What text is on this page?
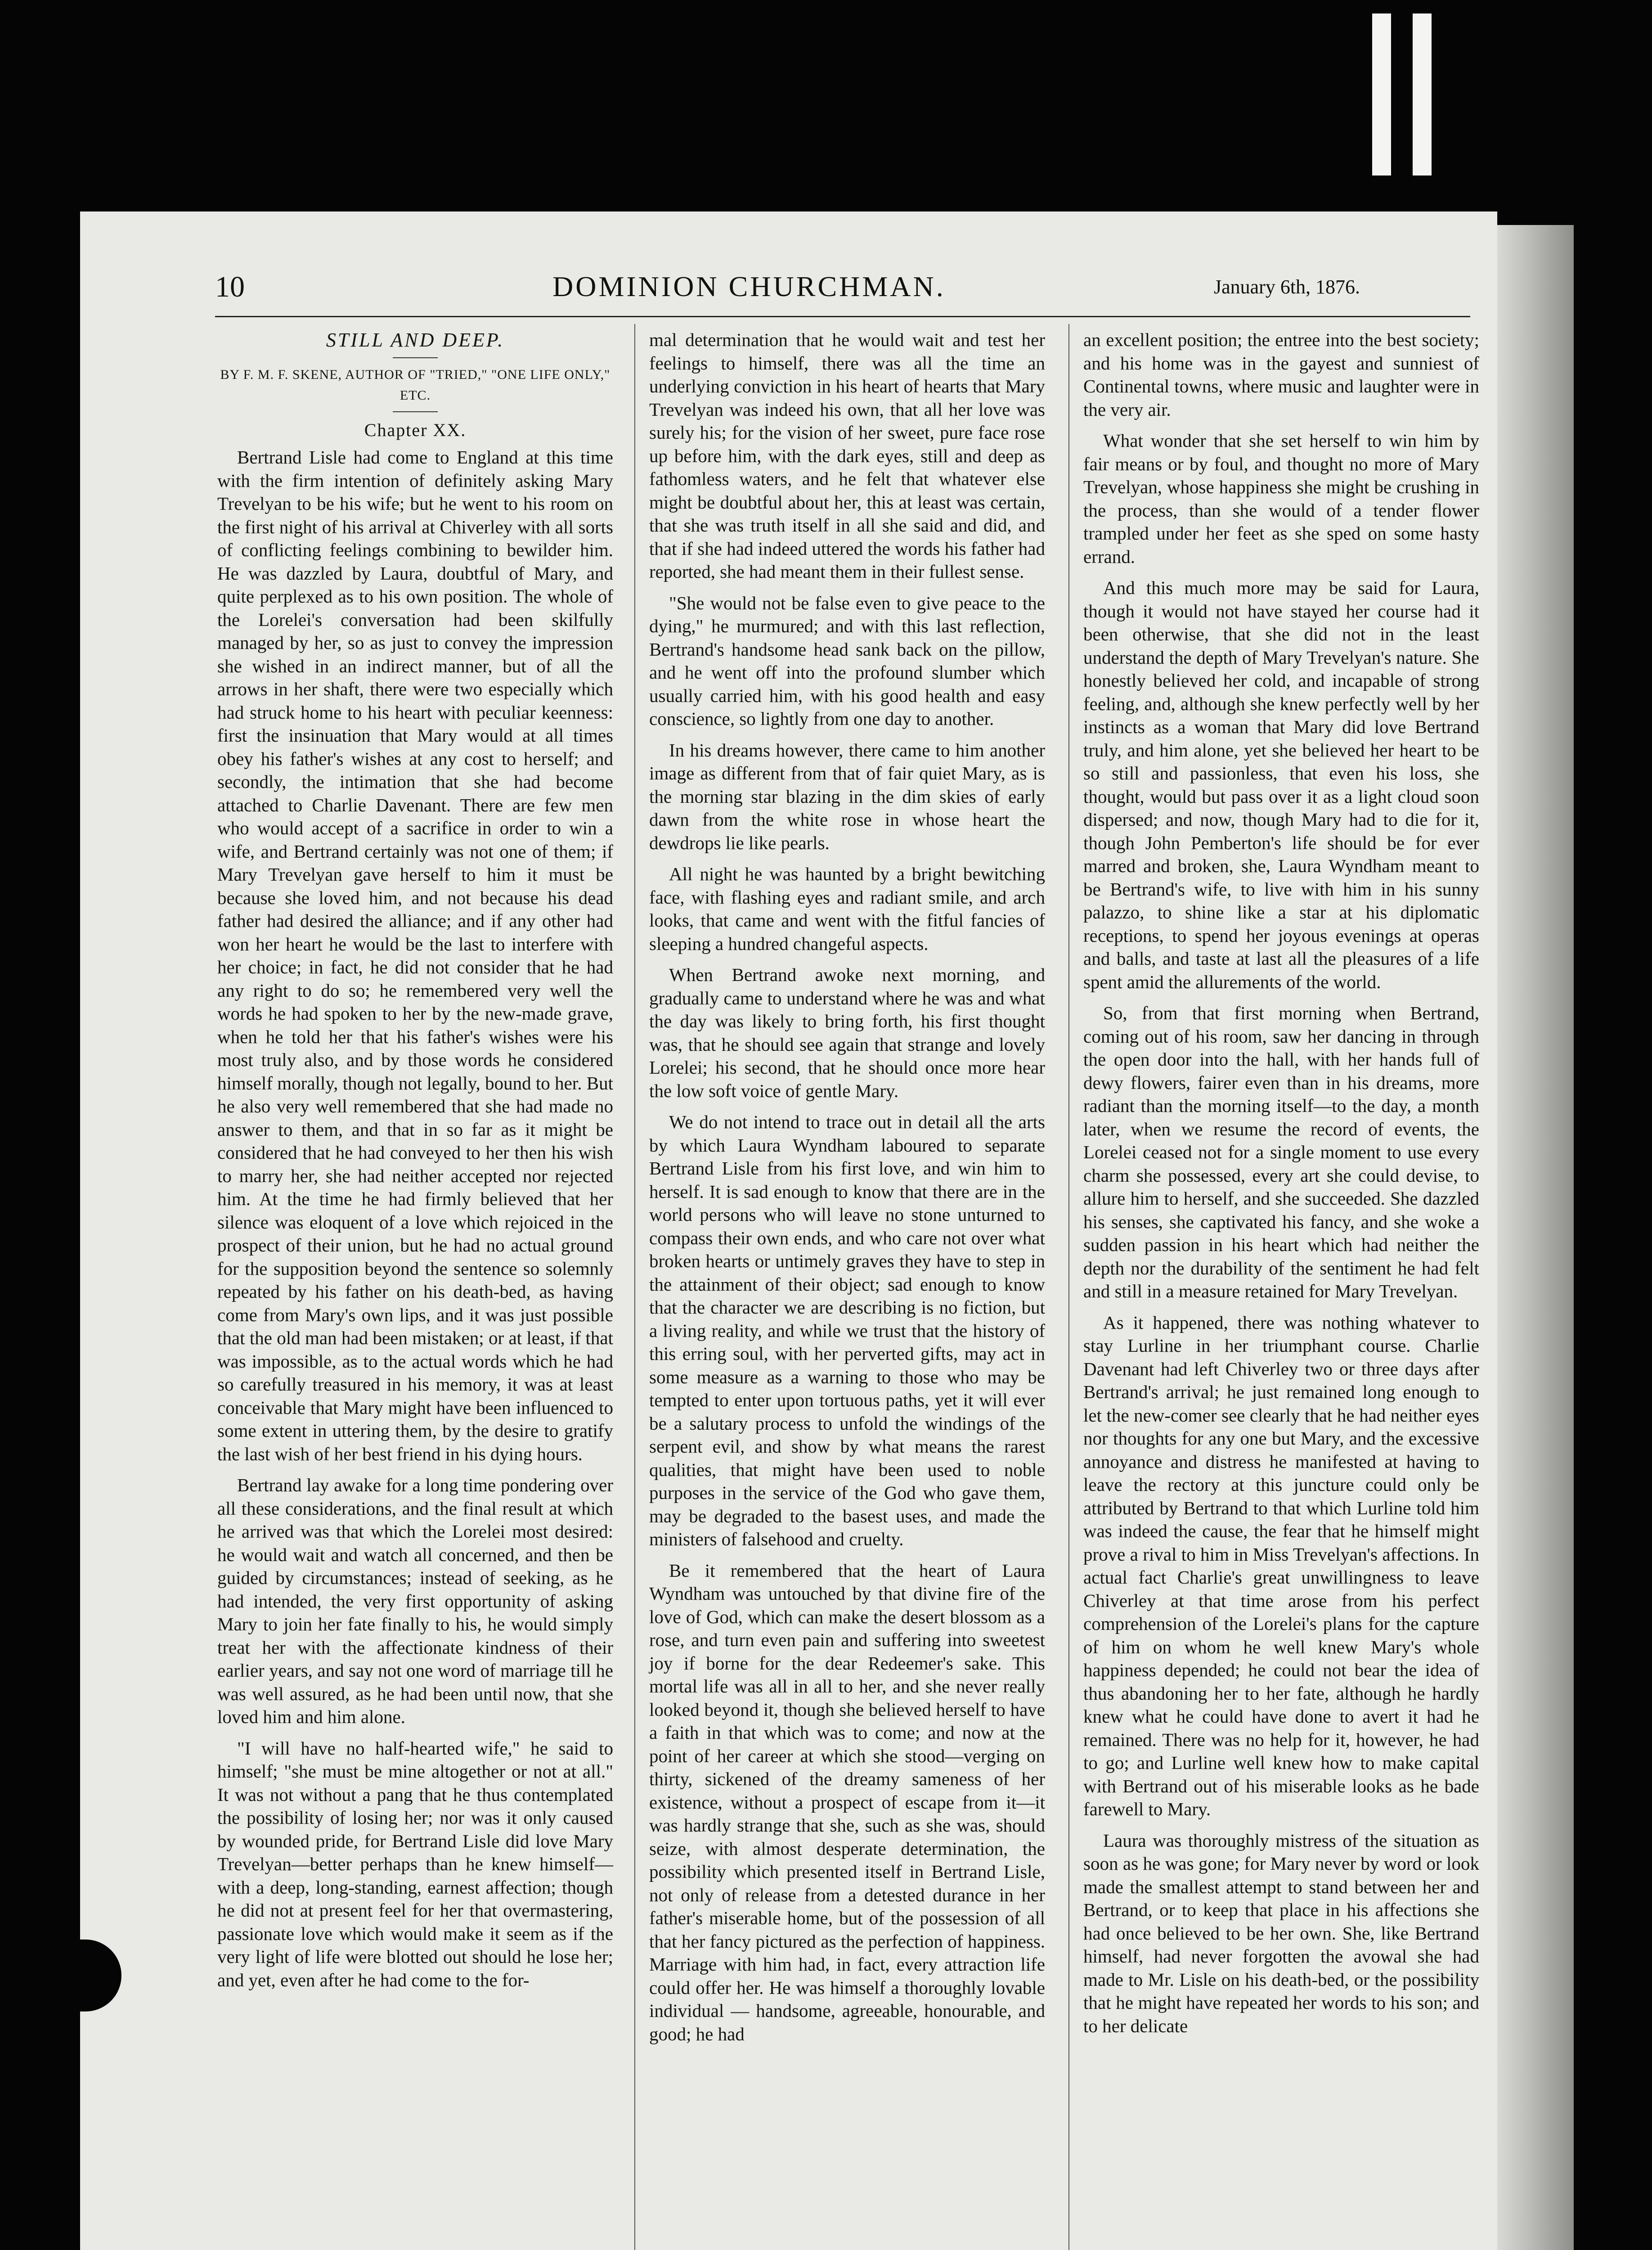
10	DOMINION CHURCHMAN.	January 6th, 1876.

STILL AND DEEP.

BY F. M. F. SKENE, AUTHOR OF "TRIED," "ONE LIFE ONLY," ETC.

Chapter XX.

Bertrand Lisle had come to England at this time with the firm intention of definitely asking Mary Trevelyan to be his wife; but he went to his room on the first night of his arrival at Chiverley with all sorts of conflicting feelings combining to bewilder him. He was dazzled by Laura, doubtful of Mary, and quite perplexed as to his own position. The whole of the Lorelei's conversation had been skilfully managed by her, so as just to convey the impression she wished in an indirect manner, but of all the arrows in her shaft, there were two especially which had struck home to his heart with peculiar keenness: first the insinuation that Mary would at all times obey his father's wishes at any cost to herself; and secondly, the intimation that she had become attached to Charlie Davenant. There are few men who would accept of a sacrifice in order to win a wife, and Bertrand certainly was not one of them; if Mary Trevelyan gave herself to him it must be because she loved him, and not because his dead father had desired the alliance; and if any other had won her heart he would be the last to interfere with her choice; in fact, he did not consider that he had any right to do so; he remembered very well the words he had spoken to her by the new-made grave, when he told her that his father's wishes were his most truly also, and by those words he considered himself morally, though not legally, bound to her. But he also very well remembered that she had made no answer to them, and that in so far as it might be considered that he had conveyed to her then his wish to marry her, she had neither accepted nor rejected him. At the time he had firmly believed that her silence was eloquent of a love which rejoiced in the prospect of their union, but he had no actual ground for the supposition beyond the sentence so solemnly repeated by his father on his death-bed, as having come from Mary's own lips, and it was just possible that the old man had been mistaken; or at least, if that was impossible, as to the actual words which he had so carefully treasured in his memory, it was at least conceivable that Mary might have been influenced to some extent in uttering them, by the desire to gratify the last wish of her best friend in his dying hours.

Bertrand lay awake for a long time pondering over all these considerations, and the final result at which he arrived was that which the Lorelei most desired: he would wait and watch all concerned, and then be guided by circumstances; instead of seeking, as he had intended, the very first opportunity of asking Mary to join her fate finally to his, he would simply treat her with the affectionate kindness of their earlier years, and say not one word of marriage till he was well assured, as he had been until now, that she loved him and him alone.

"I will have no half-hearted wife," he said to himself; "she must be mine altogether or not at all." It was not without a pang that he thus contemplated the possibility of losing her; nor was it only caused by wounded pride, for Bertrand Lisle did love Mary Trevelyan—better perhaps than he knew himself—with a deep, long-standing, earnest affection; though he did not at present feel for her that overmastering, passionate love which would make it seem as if the very light of life were blotted out should he lose her; and yet, even after he had come to the for-

mal determination that he would wait and test her feelings to himself, there was all the time an underlying conviction in his heart of hearts that Mary Trevelyan was indeed his own, that all her love was surely his; for the vision of her sweet, pure face rose up before him, with the dark eyes, still and deep as fathomless waters, and he felt that whatever else might be doubtful about her, this at least was certain, that she was truth itself in all she said and did, and that if she had indeed uttered the words his father had reported, she had meant them in their fullest sense.

"She would not be false even to give peace to the dying," he murmured; and with this last reflection, Bertrand's handsome head sank back on the pillow, and he went off into the profound slumber which usually carried him, with his good health and easy conscience, so lightly from one day to another.

In his dreams however, there came to him another image as different from that of fair quiet Mary, as is the morning star blazing in the dim skies of early dawn from the white rose in whose heart the dewdrops lie like pearls.

All night he was haunted by a bright bewitching face, with flashing eyes and radiant smile, and arch looks, that came and went with the fitful fancies of sleeping a hundred changeful aspects.

When Bertrand awoke next morning, and gradually came to understand where he was and what the day was likely to bring forth, his first thought was, that he should see again that strange and lovely Lorelei; his second, that he should once more hear the low soft voice of gentle Mary.

We do not intend to trace out in detail all the arts by which Laura Wyndham laboured to separate Bertrand Lisle from his first love, and win him to herself. It is sad enough to know that there are in the world persons who will leave no stone unturned to compass their own ends, and who care not over what broken hearts or untimely graves they have to step in the attainment of their object; sad enough to know that the character we are describing is no fiction, but a living reality, and while we trust that the history of this erring soul, with her perverted gifts, may act in some measure as a warning to those who may be tempted to enter upon tortuous paths, yet it will ever be a salutary process to unfold the windings of the serpent evil, and show by what means the rarest qualities, that might have been used to noble purposes in the service of the God who gave them, may be degraded to the basest uses, and made the ministers of falsehood and cruelty.

Be it remembered that the heart of Laura Wyndham was untouched by that divine fire of the love of God, which can make the desert blossom as a rose, and turn even pain and suffering into sweetest joy if borne for the dear Redeemer's sake. This mortal life was all in all to her, and she never really looked beyond it, though she believed herself to have a faith in that which was to come; and now at the point of her career at which she stood—verging on thirty, sickened of the dreamy sameness of her existence, without a prospect of escape from it—it was hardly strange that she, such as she was, should seize, with almost desperate determination, the possibility which presented itself in Bertrand Lisle, not only of release from a detested durance in her father's miserable home, but of the possession of all that her fancy pictured as the perfection of happiness. Marriage with him had, in fact, every attraction life could offer her. He was himself a thoroughly lovable individual — handsome, agreeable, honourable, and good; he had

an excellent position; the entree into the best society; and his home was in the gayest and sunniest of Continental towns, where music and laughter were in the very air.

What wonder that she set herself to win him by fair means or by foul, and thought no more of Mary Trevelyan, whose happiness she might be crushing in the process, than she would of a tender flower trampled under her feet as she sped on some hasty errand.

And this much more may be said for Laura, though it would not have stayed her course had it been otherwise, that she did not in the least understand the depth of Mary Trevelyan's nature. She honestly believed her cold, and incapable of strong feeling, and, although she knew perfectly well by her instincts as a woman that Mary did love Bertrand truly, and him alone, yet she believed her heart to be so still and passionless, that even his loss, she thought, would but pass over it as a light cloud soon dispersed; and now, though Mary had to die for it, though John Pemberton's life should be for ever marred and broken, she, Laura Wyndham meant to be Bertrand's wife, to live with him in his sunny palazzo, to shine like a star at his diplomatic receptions, to spend her joyous evenings at operas and balls, and taste at last all the pleasures of a life spent amid the allurements of the world.

So, from that first morning when Bertrand, coming out of his room, saw her dancing in through the open door into the hall, with her hands full of dewy flowers, fairer even than in his dreams, more radiant than the morning itself—to the day, a month later, when we resume the record of events, the Lorelei ceased not for a single moment to use every charm she possessed, every art she could devise, to allure him to herself, and she succeeded. She dazzled his senses, she captivated his fancy, and she woke a sudden passion in his heart which had neither the depth nor the durability of the sentiment he had felt and still in a measure retained for Mary Trevelyan.

As it happened, there was nothing whatever to stay Lurline in her triumphant course. Charlie Davenant had left Chiverley two or three days after Bertrand's arrival; he just remained long enough to let the new-comer see clearly that he had neither eyes nor thoughts for any one but Mary, and the excessive annoyance and distress he manifested at having to leave the rectory at this juncture could only be attributed by Bertrand to that which Lurline told him was indeed the cause, the fear that he himself might prove a rival to him in Miss Trevelyan's affections. In actual fact Charlie's great unwillingness to leave Chiverley at that time arose from his perfect comprehension of the Lorelei's plans for the capture of him on whom he well knew Mary's whole happiness depended; he could not bear the idea of thus abandoning her to her fate, although he hardly knew what he could have done to avert it had he remained. There was no help for it, however, he had to go; and Lurline well knew how to make capital with Bertrand out of his miserable looks as he bade farewell to Mary.

Laura was thoroughly mistress of the situation as soon as he was gone; for Mary never by word or look made the smallest attempt to stand between her and Bertrand, or to keep that place in his affections she had once believed to be her own. She, like Bertrand himself, had never forgotten the avowal she had made to Mr. Lisle on his death-bed, or the possibility that he might have repeated her words to his son; and to her delicate
